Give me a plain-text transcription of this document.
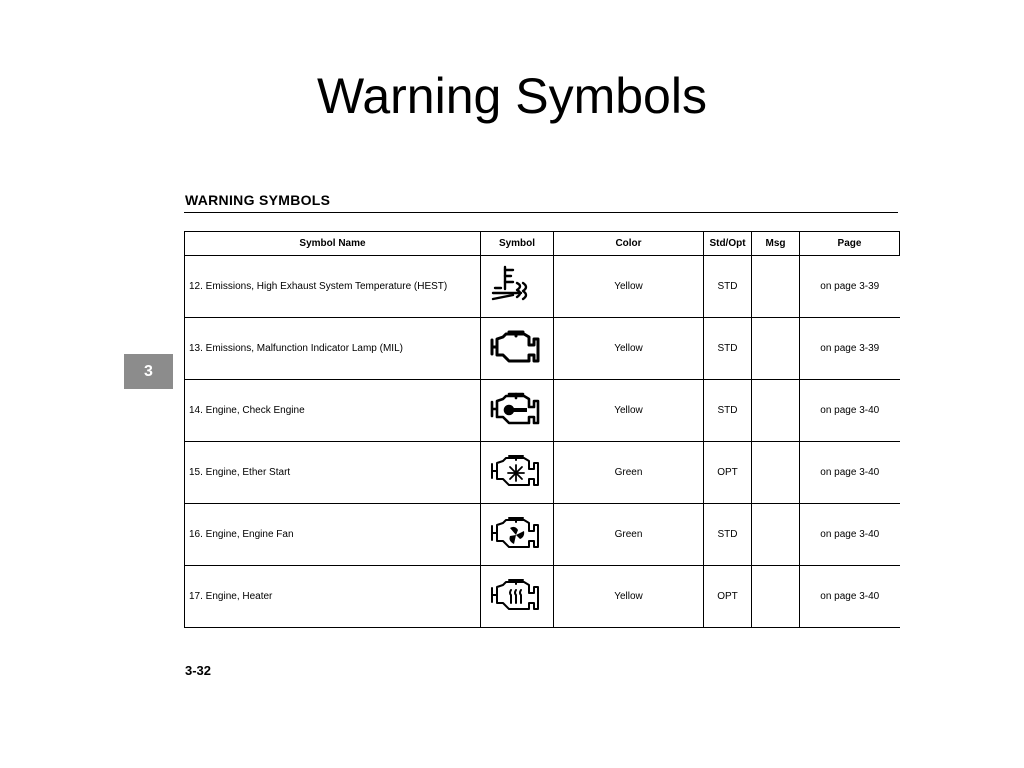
Warning Symbols
WARNING SYMBOLS
3
Symbol Name	Symbol	Color	Std/Opt	Msg	Page
12. Emissions, High Exhaust System Temperature (HEST)		Yellow	STD		on page 3-39
13. Emissions, Malfunction Indicator Lamp (MIL)		Yellow	STD		on page 3-39
14. Engine, Check Engine		Yellow	STD		on page 3-40
15. Engine, Ether Start		Green	OPT		on page 3-40
16. Engine, Engine Fan		Green	STD		on page 3-40
17. Engine, Heater		Yellow	OPT		on page 3-40
3-32
